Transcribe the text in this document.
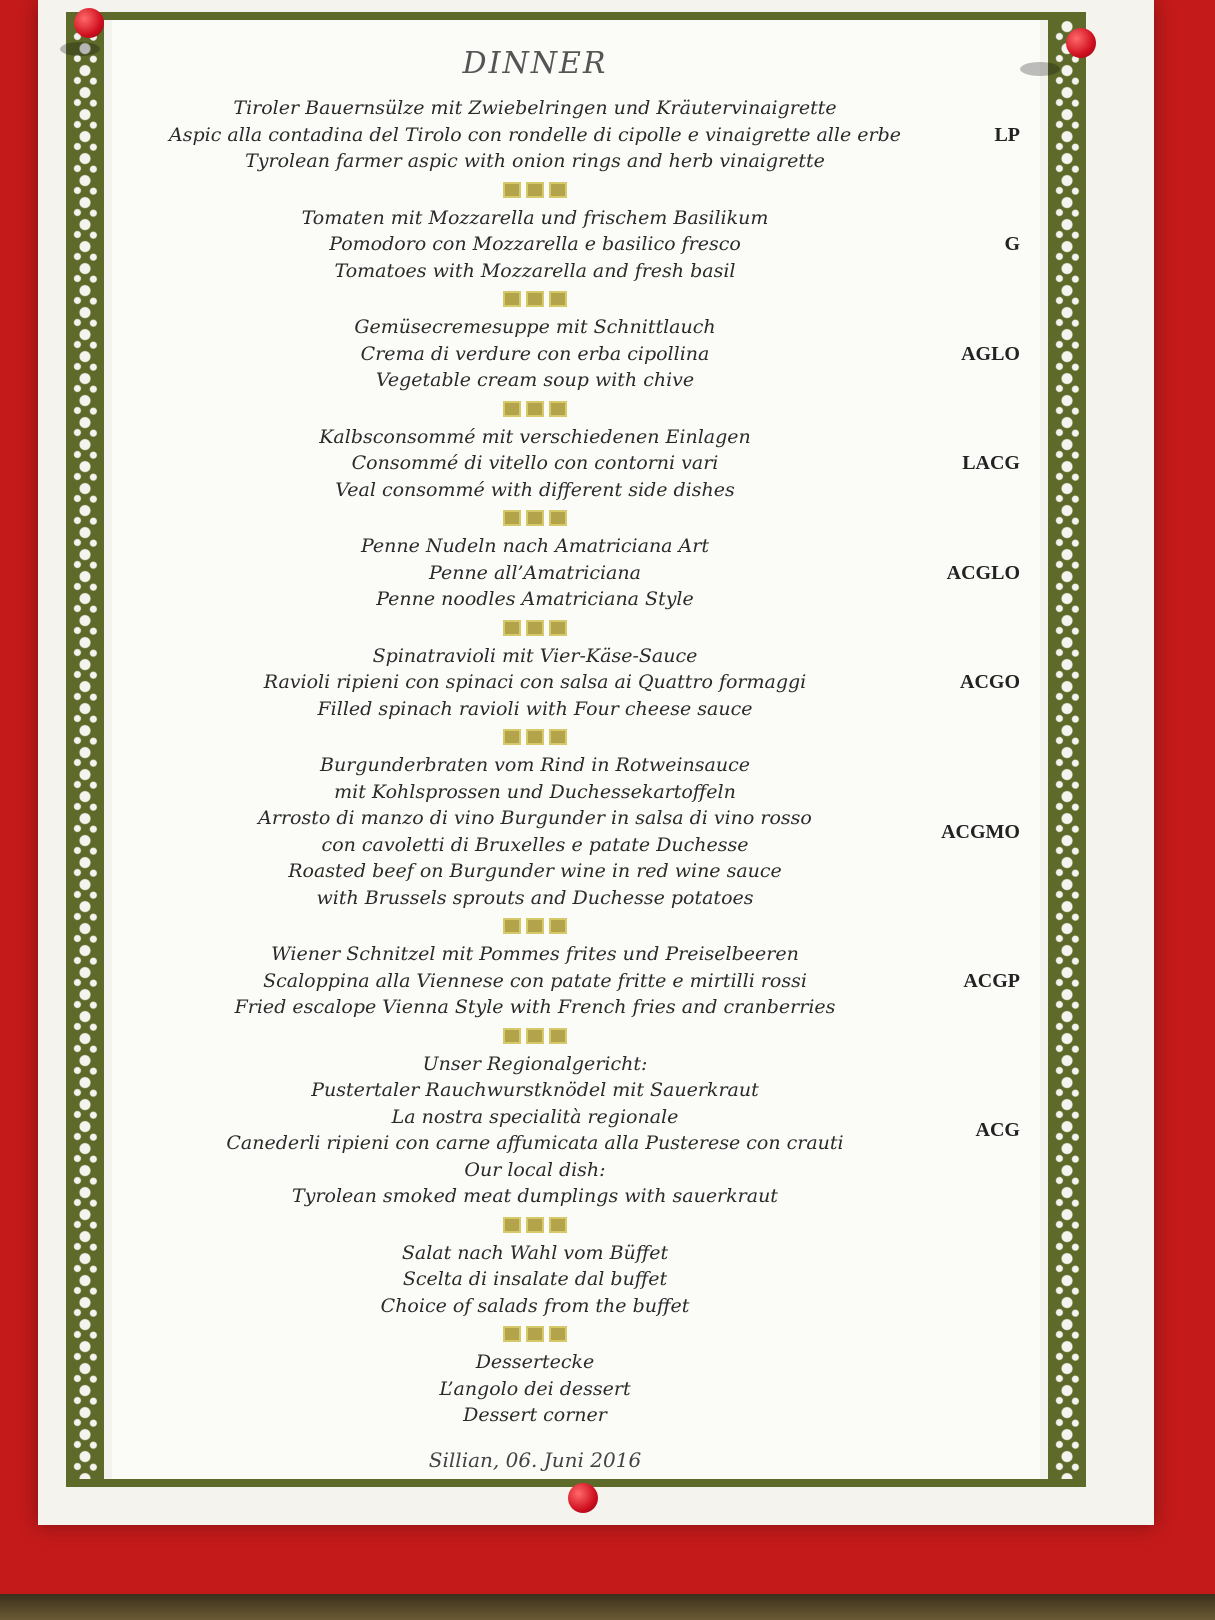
DINNER
Tiroler Bauernsülze mit Zwiebelringen und Kräutervinaigrette
Aspic alla contadina del Tirolo con rondelle di cipolle e vinaigrette alle erbe
Tyrolean farmer aspic with onion rings and herb vinaigrette
LP
Tomaten mit Mozzarella und frischem Basilikum
Pomodoro con Mozzarella e basilico fresco
Tomatoes with Mozzarella and fresh basil
G
Gemüsecremesuppe mit Schnittlauch
Crema di verdure con erba cipollina
Vegetable cream soup with chive
AGLO
Kalbsconsommé mit verschiedenen Einlagen
Consommé di vitello con contorni vari
Veal consommé with different side dishes
LACG
Penne Nudeln nach Amatriciana Art
Penne all’Amatriciana
Penne noodles Amatriciana Style
ACGLO
Spinatravioli mit Vier-Käse-Sauce
Ravioli ripieni con spinaci con salsa ai Quattro formaggi
Filled spinach ravioli with Four cheese sauce
ACGO
Burgunderbraten vom Rind in Rotweinsauce
mit Kohlsprossen und Duchessekartoffeln
Arrosto di manzo di vino Burgunder in salsa di vino rosso
con cavoletti di Bruxelles e patate Duchesse
Roasted beef on Burgunder wine in red wine sauce
with Brussels sprouts and Duchesse potatoes
ACGMO
Wiener Schnitzel mit Pommes frites und Preiselbeeren
Scaloppina alla Viennese con patate fritte e mirtilli rossi
Fried escalope Vienna Style with French fries and cranberries
ACGP
Unser Regionalgericht:
Pustertaler Rauchwurstknödel mit Sauerkraut
La nostra specialità regionale
Canederli ripieni con carne affumicata alla Pusterese con crauti
Our local dish:
Tyrolean smoked meat dumplings with sauerkraut
ACG
Salat nach Wahl vom Büffet
Scelta di insalate dal buffet
Choice of salads from the buffet
Dessertecke
L’angolo dei dessert
Dessert corner
Sillian, 06. Juni 2016
